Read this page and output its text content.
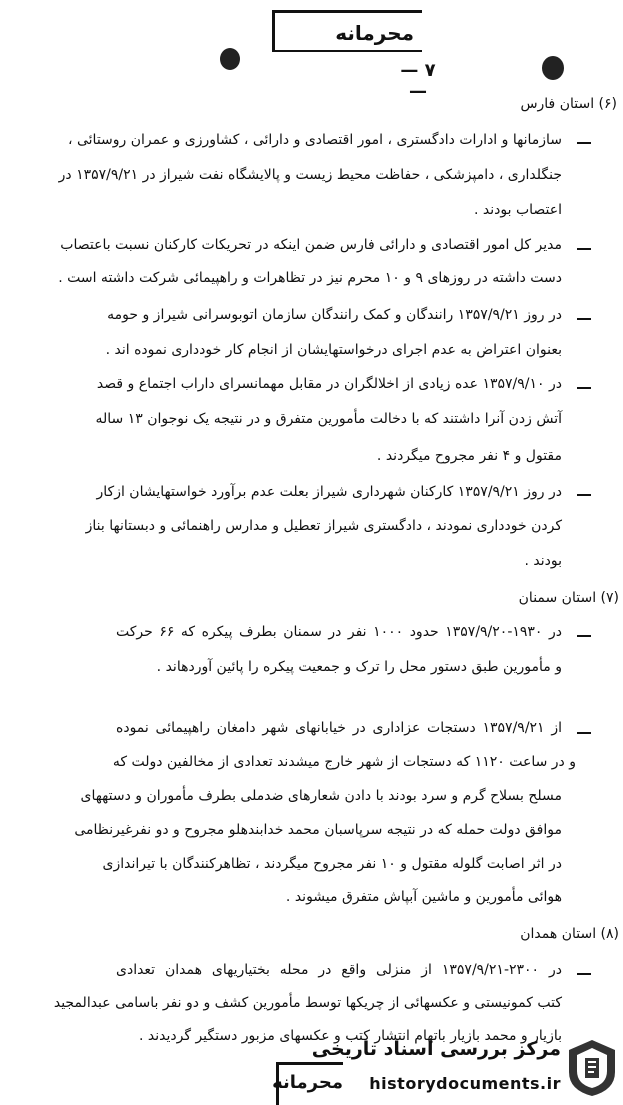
محرمانه
— ۷ —
(۶) استان فارس
سازمانها و ادارات دادگستری ، امور اقتصادی و دارائی ، کشاورزی و عمران روستائی ،
جنگلداری ، دامپزشکی ، حفاظت محیط زیست و پالایشگاه نفت شیراز در ۱۳۵۷/۹/۲۱ در
اعتصاب بودند .
مدیر کل امور اقتصادی و دارائی فارس ضمن اینکه در تحریکات کارکنان نسبت باعتصاب
دست داشته در روزهای ۹ و ۱۰ محرم نیز در تظاهرات و راهپیمائی شرکت داشته است .
در روز ۱۳۵۷/۹/۲۱ رانندگان و کمک رانندگان سازمان اتوبوسرانی شیراز و حومه
بعنوان اعتراض به عدم اجرای درخواستهایشان از انجام کار خودداری نموده اند .
در ۱۳۵۷/۹/۱۰ عده زیادی از اخلالگران در مقابل مهمانسرای داراب اجتماع و قصد
آتش زدن آنرا داشتند که با دخالت مأمورین متفرق و در نتیجه یک نوجوان ۱۳ ساله
مقتول و ۴ نفر مجروح میگردند .
در روز ۱۳۵۷/۹/۲۱ کارکنان شهرداری شیراز بعلت عدم برآورد خواستهایشان ازکار
کردن خودداری نمودند ، دادگستری شیراز تعطیل و مدارس راهنمائی و دبستانها بناز
بودند .
(۷) استان سمنان
در ۱۹۳۰-۱۳۵۷/۹/۲۰ حدود ۱۰۰۰ نفر در سمنان بطرف پیکره که ۶۶ حرکت
و مأمورین طبق دستور محل را ترک و جمعیت پیکره را پائین آوردهاند .
از ۱۳۵۷/۹/۲۱ دستجات عزاداری در خیابانهای شهر دامغان راهپیمائی نموده
و در ساعت ۱۱۲۰ که دستجات از شهر خارج میشدند تعدادی از مخالفین دولت که
مسلح بسلاح گرم و سرد بودند با دادن شعارهای ضدملی بطرف مأموران و دستههای
موافق دولت حمله که در نتیجه سرپاسبان محمد خدابندهلو مجروح و دو نفرغیرنظامی
در اثر اصابت گلوله مقتول و ۱۰ نفر مجروح میگردند ، تظاهرکنندگان با تیراندازی
هوائی مأمورین و ماشین آبپاش متفرق میشوند .
(۸) استان همدان
در ۲۳۰۰-۱۳۵۷/۹/۲۱ از منزلی واقع در محله بختیاریهای همدان تعدادی
کتب کمونیستی و عکسهائی از چریکها توسط مأمورین کشف و دو نفر باسامی عبدالمجید
بازیار و محمد بازیار باتهام انتشار کتب و عکسهای مزبور دستگیر گردیدند .
محرمانه
مرکز بررسی اسناد تاریخی
historydocuments.ir
